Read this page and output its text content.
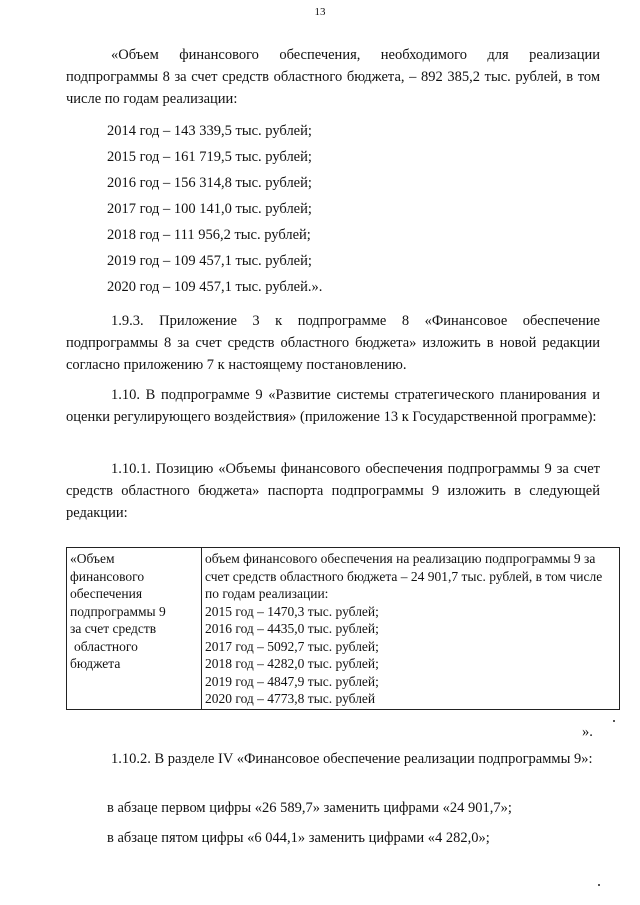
13

«Объем финансового обеспечения, необходимого для реализации подпрограммы 8 за счет средств областного бюджета, – 892 385,2 тыс. рублей, в том числе по годам реализации:

2014 год – 143 339,5 тыс. рублей;
2015 год – 161 719,5 тыс. рублей;
2016 год – 156 314,8 тыс. рублей;
2017 год – 100 141,0 тыс. рублей;
2018 год – 111 956,2 тыс. рублей;
2019 год – 109 457,1 тыс. рублей;
2020 год – 109 457,1 тыс. рублей.».

1.9.3. Приложение 3 к подпрограмме 8 «Финансовое обеспечение подпрограммы 8 за счет средств областного бюджета» изложить в новой редакции согласно приложению 7 к настоящему постановлению.

1.10. В подпрограмме 9 «Развитие системы стратегического планирования и оценки регулирующего воздействия» (приложение 13 к Государственной программе):

1.10.1. Позицию «Объемы финансового обеспечения подпрограммы 9 за счет средств областного бюджета» паспорта подпрограммы 9 изложить в следующей редакции:

«Объем
финансового
обеспечения
подпрограммы 9
за счет средств
областного
бюджета

объем финансового обеспечения на реализацию подпрограммы 9 за счет средств областного бюджета – 24 901,7 тыс. рублей, в том числе по годам реализации:
2015 год – 1470,3 тыс. рублей;
2016 год – 4435,0 тыс. рублей;
2017 год – 5092,7 тыс. рублей;
2018 год – 4282,0 тыс. рублей;
2019 год – 4847,9 тыс. рублей;
2020 год – 4773,8 тыс. рублей
».

1.10.2. В разделе IV «Финансовое обеспечение реализации подпрограммы 9»:

в абзаце первом цифры «26 589,7» заменить цифрами «24 901,7»;
в абзаце пятом цифры «6 044,1» заменить цифрами «4 282,0»;
